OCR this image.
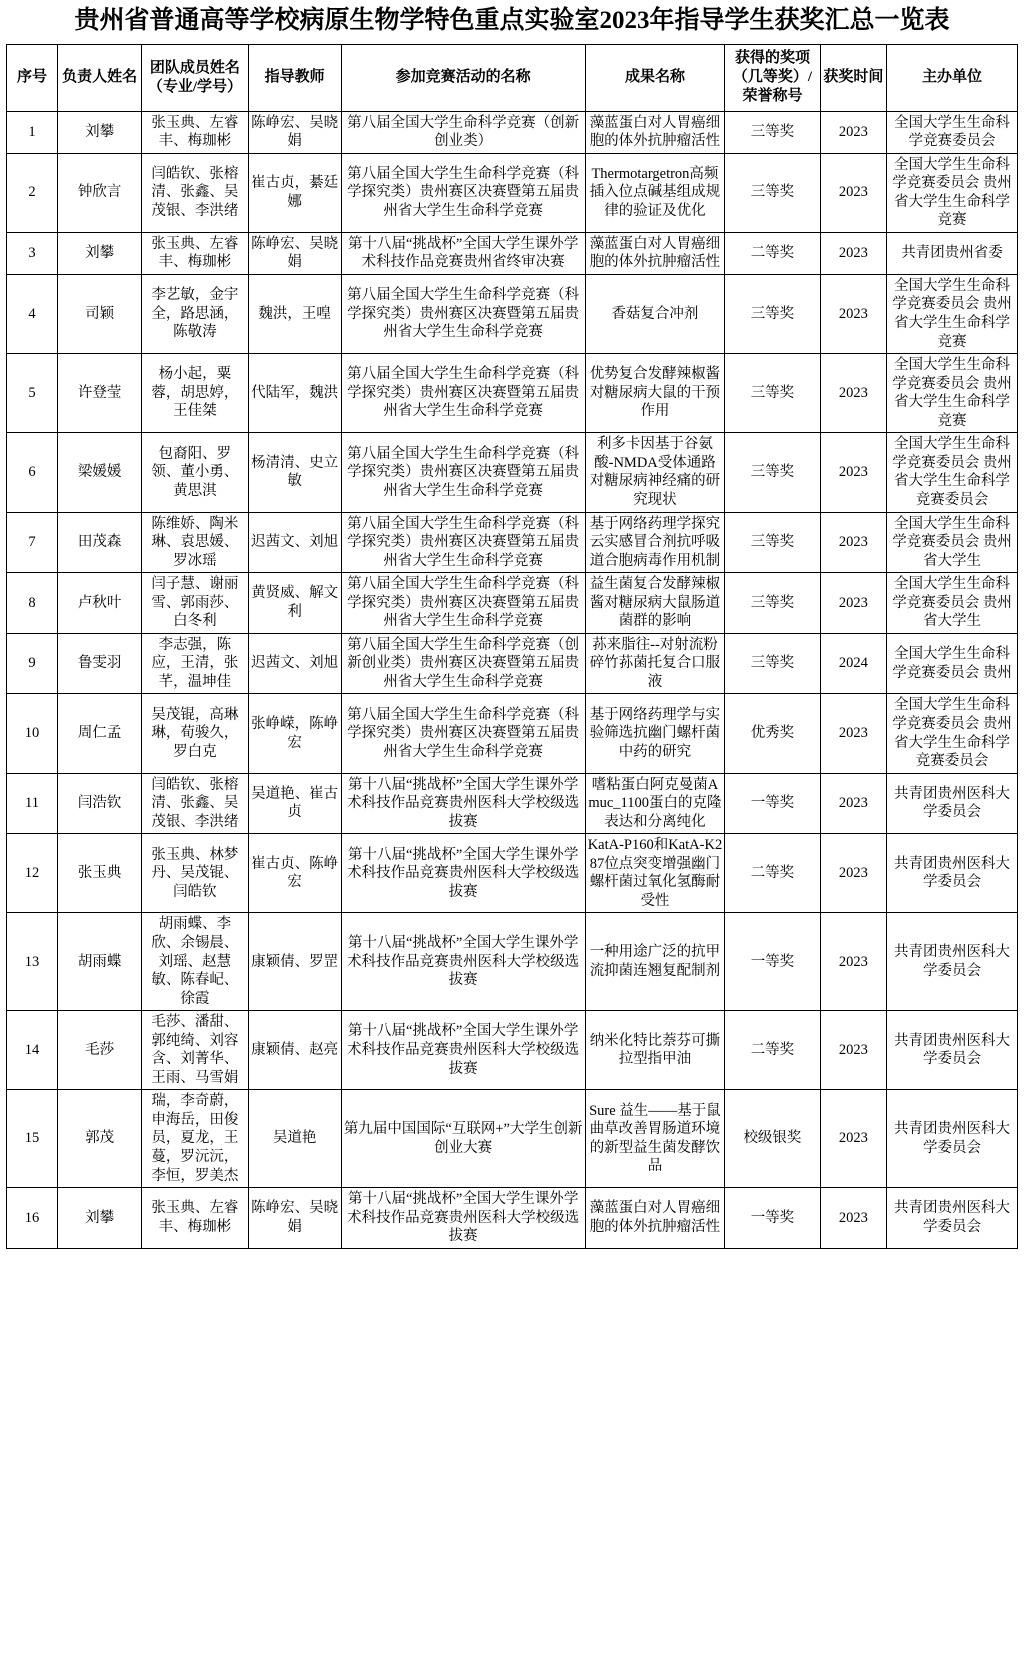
贵州省普通高等学校病原生物学特色重点实验室2023年指导学生获奖汇总一览表
序号	负责人姓名	团队成员姓名（专业/学号）	指导教师	参加竞赛活动的名称	成果名称	获得的奖项（几等奖）/荣誉称号	获奖时间	主办单位
1	刘攀	张玉典、左睿丰、梅珈彬	陈峥宏、吴晓娟	第八届全国大学生命科学竞赛（创新创业类）	藻蓝蛋白对人胃癌细胞的体外抗肿瘤活性	三等奖	2023	全国大学生生命科学竞赛委员会
2	钟欣言	闫皓钦、张榕清、张鑫、吴茂银、李洪绪	崔古贞，綦廷娜	第八届全国大学生生命科学竞赛（科学探究类）贵州赛区决赛暨第五届贵州省大学生生命科学竞赛	Thermotargetron高频插入位点碱基组成规律的验证及优化	三等奖	2023	全国大学生生命科学竞赛委员会 贵州省大学生生命科学竞赛
3	刘攀	张玉典、左睿丰、梅珈彬	陈峥宏、吴晓娟	第十八届“挑战杯”全国大学生课外学术科技作品竞赛贵州省终审决赛	藻蓝蛋白对人胃癌细胞的体外抗肿瘤活性	二等奖	2023	共青团贵州省委
4	司颖	李艺敏，金宇全，路思涵，陈敬涛	魏洪，王喤	第八届全国大学生生命科学竞赛（科学探究类）贵州赛区决赛暨第五届贵州省大学生生命科学竞赛	香菇复合冲剂	三等奖	2023	全国大学生生命科学竞赛委员会 贵州省大学生生命科学竞赛
5	许登莹	杨小起，粟蓉，胡思婷，王佳桀	代陆军，魏洪	第八届全国大学生生命科学竞赛（科学探究类）贵州赛区决赛暨第五届贵州省大学生生命科学竞赛	优势复合发酵辣椒酱对糖尿病大鼠的干预作用	三等奖	2023	全国大学生生命科学竞赛委员会 贵州省大学生生命科学竞赛
6	梁媛媛	包裔阳、罗领、董小勇、黄思淇	杨清清、史立敏	第八届全国大学生生命科学竞赛（科学探究类）贵州赛区决赛暨第五届贵州省大学生生命科学竞赛	利多卡因基于谷氨酸-NMDA受体通路对糖尿病神经痛的研究现状	三等奖	2023	全国大学生生命科学竞赛委员会 贵州省大学生生命科学竞赛委员会
7	田茂森	陈维娇、陶米琳、袁思媛、罗冰瑶	迟茜文、刘旭	第八届全国大学生生命科学竞赛（科学探究类）贵州赛区决赛暨第五届贵州省大学生生命科学竞赛	基于网络药理学探究云实感冒合剂抗呼吸道合胞病毒作用机制	三等奖	2023	全国大学生生命科学竞赛委员会 贵州省大学生
8	卢秋叶	闫子慧、谢丽雪、郭雨莎、白冬利	黄贤威、解文利	第八届全国大学生生命科学竞赛（科学探究类）贵州赛区决赛暨第五届贵州省大学生生命科学竞赛	益生菌复合发酵辣椒酱对糖尿病大鼠肠道菌群的影响	三等奖	2023	全国大学生生命科学竞赛委员会 贵州省大学生
9	鲁雯羽	李志强，陈应，王清，张芊，温坤佳	迟茜文、刘旭	第八届全国大学生生命科学竞赛（创新创业类）贵州赛区决赛暨第五届贵州省大学生生命科学竞赛	荪来脂往--对射流粉碎竹荪菌托复合口服液	三等奖	2024	全国大学生生命科学竞赛委员会 贵州
10	周仁孟	吴茂锟，高琳琳，荀骏久，罗白克	张峥嵘，陈峥宏	第八届全国大学生生命科学竞赛（科学探究类）贵州赛区决赛暨第五届贵州省大学生生命科学竞赛	基于网络药理学与实验筛选抗幽门螺杆菌中药的研究	优秀奖	2023	全国大学生生命科学竞赛委员会 贵州省大学生生命科学竞赛委员会
11	闫浩钦	闫皓钦、张榕清、张鑫、吴茂银、李洪绪	吴道艳、崔古贞	第十八届“挑战杯”全国大学生课外学术科技作品竞赛贵州医科大学校级选拔赛	嗜粘蛋白阿克曼菌Amuc_1100蛋白的克隆表达和分离纯化	一等奖	2023	共青团贵州医科大学委员会
12	张玉典	张玉典、林梦丹、吴茂锟、闫皓钦	崔古贞、陈峥宏	第十八届“挑战杯”全国大学生课外学术科技作品竞赛贵州医科大学校级选拔赛	KatA-P160和KatA-K287位点突变增强幽门螺杆菌过氧化氢酶耐受性	二等奖	2023	共青团贵州医科大学委员会
13	胡雨蝶	胡雨蝶、李欣、余锡晨、刘瑶、赵慧敏、陈春屺、徐霞	康颖倩、罗罡	第十八届“挑战杯”全国大学生课外学术科技作品竞赛贵州医科大学校级选拔赛	一种用途广泛的抗甲流抑菌连翘复配制剂	一等奖	2023	共青团贵州医科大学委员会
14	毛莎	毛莎、潘甜、郭纯绮、刘容含、刘菁华、王雨、马雪娟	康颖倩、赵亮	第十八届“挑战杯”全国大学生课外学术科技作品竞赛贵州医科大学校级选拔赛	纳米化特比萘芬可撕拉型指甲油	二等奖	2023	共青团贵州医科大学委员会
15	郭茂	瑞，李奇蔚，申海岳，田俊员，夏龙，王蔓，罗沅沅，李恒，罗美杰	吴道艳	第九届中国国际“互联网+”大学生创新创业大赛	Sure 益生——基于鼠曲草改善胃肠道环境的新型益生菌发酵饮品	校级银奖	2023	共青团贵州医科大学委员会
16	刘攀	张玉典、左睿丰、梅珈彬	陈峥宏、吴晓娟	第十八届“挑战杯”全国大学生课外学术科技作品竞赛贵州医科大学校级选拔赛	藻蓝蛋白对人胃癌细胞的体外抗肿瘤活性	一等奖	2023	共青团贵州医科大学委员会
